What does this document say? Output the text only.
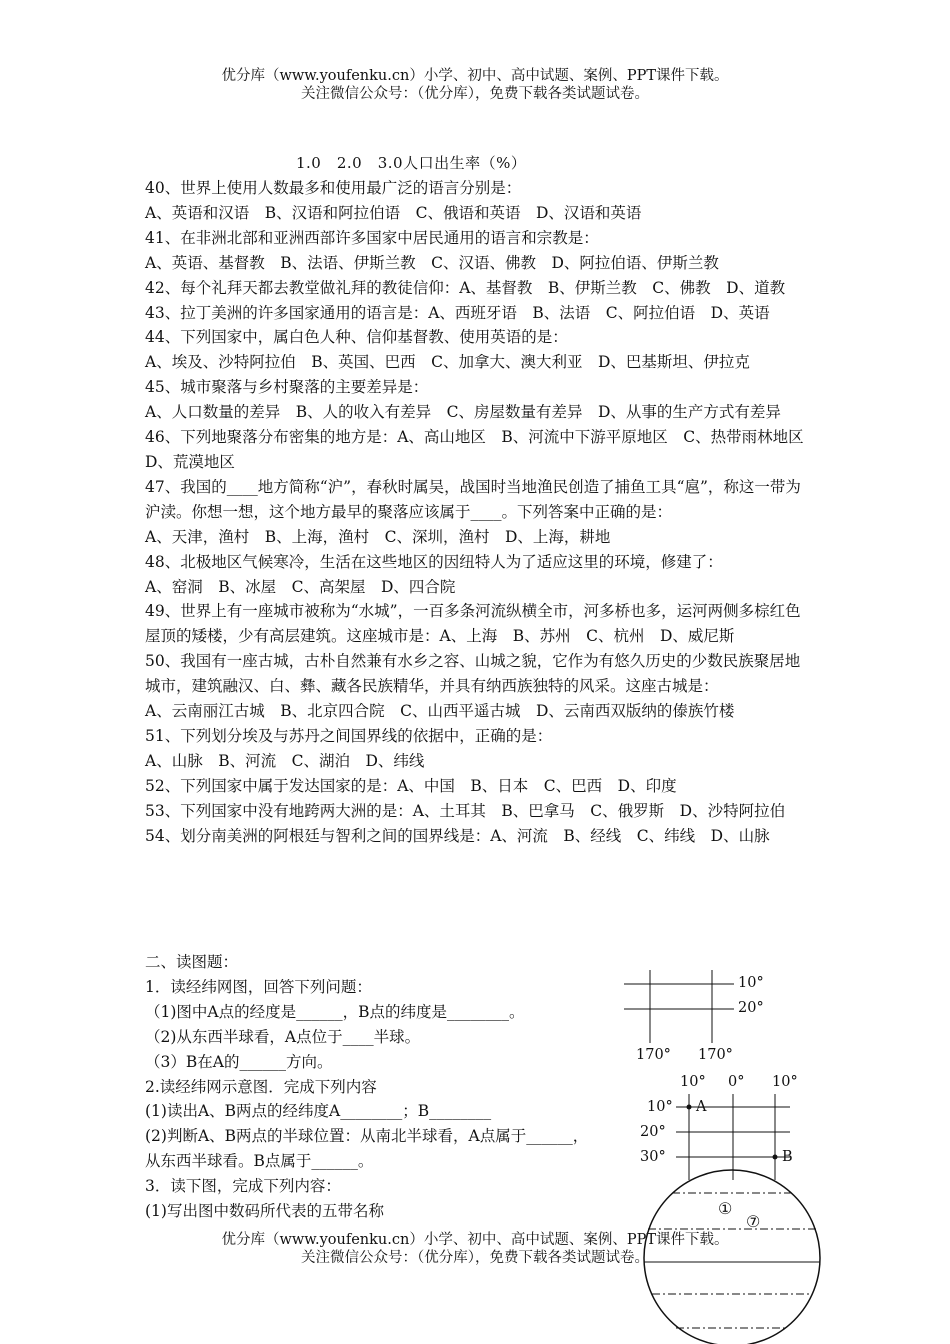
优分库（www.youfenku.cn）小学、初中、高中试题、案例、PPT课件下载。
关注微信公众号：（优分库），免费下载各类试题试卷。
1.0　2.0　3.0人口出生率（%）

40、世界上使用人数最多和使用最广泛的语言分别是：

A、英语和汉语　B、汉语和阿拉伯语　C、俄语和英语　D、汉语和英语

41、在非洲北部和亚洲西部许多国家中居民通用的语言和宗教是：

A、英语、基督教　B、法语、伊斯兰教　C、汉语、佛教　D、阿拉伯语、伊斯兰教

42、每个礼拜天都去教堂做礼拜的教徒信仰：A、基督教　B、伊斯兰教　C、佛教　D、道教

43、拉丁美洲的许多国家通用的语言是：A、西班牙语　B、法语　C、阿拉伯语　D、英语

44、下列国家中，属白色人种、信仰基督教、使用英语的是：

A、埃及、沙特阿拉伯　B、英国、巴西　C、加拿大、澳大利亚　D、巴基斯坦、伊拉克

45、城市聚落与乡村聚落的主要差异是：

A、人口数量的差异　B、人的收入有差异　C、房屋数量有差异　D、从事的生产方式有差异

46、下列地聚落分布密集的地方是：A、高山地区　B、河流中下游平原地区　C、热带雨林地区　D、荒漠地区

47、我国的____地方简称“沪”，春秋时属吴，战国时当地渔民创造了捕鱼工具“扈”，称这一带为沪渎。你想一想，这个地方最早的聚落应该属于____。下列答案中正确的是：

A、天津，渔村　B、上海，渔村　C、深圳，渔村　D、上海，耕地

48、北极地区气候寒冷，生活在这些地区的因纽特人为了适应这里的环境，修建了：

A、窑洞　B、冰屋　C、高架屋　D、四合院

49、世界上有一座城市被称为“水城”，一百多条河流纵横全市，河多桥也多，运河两侧多棕红色屋顶的矮楼，少有高层建筑。这座城市是：A、上海　B、苏州　C、杭州　D、威尼斯

50、我国有一座古城，古朴自然兼有水乡之容、山城之貌，它作为有悠久历史的少数民族聚居地城市，建筑融汉、白、彝、藏各民族精华，并具有纳西族独特的风采。这座古城是：

A、云南丽江古城　B、北京四合院　C、山西平遥古城　D、云南西双版纳的傣族竹楼

51、下列划分埃及与苏丹之间国界线的依据中，正确的是：

A、山脉　B、河流　C、湖泊　D、纬线

52、下列国家中属于发达国家的是：A、中国　B、日本　C、巴西　D、印度

53、下列国家中没有地跨两大洲的是：A、土耳其　B、巴拿马　C、俄罗斯　D、沙特阿拉伯

54、划分南美洲的阿根廷与智利之间的国界线是：A、河流　B、经线　C、纬线　D、山脉

二、读图题：

1．读经纬网图，回答下列问题：

（1)图中A点的经度是______，B点的纬度是________。

（2)从东西半球看，A点位于____半球。

（3）B在A的______方向。

2.读经纬网示意图．完成下列内容

(1)读出A、B两点的经纬度A________；B________

(2)判断A、B两点的半球位置：从南北半球看，A点属于______，

从东西半球看。B点属于______。

3．读下图，完成下列内容：

(1)写出图中数码所代表的五带名称

10°
20°
170° 170°
10° 0° 10°
10°
20°
30°
A
B
①
⑦
优分库（www.youfenku.cn）小学、初中、高中试题、案例、PPT课件下载。
关注微信公众号：（优分库），免费下载各类试题试卷。
